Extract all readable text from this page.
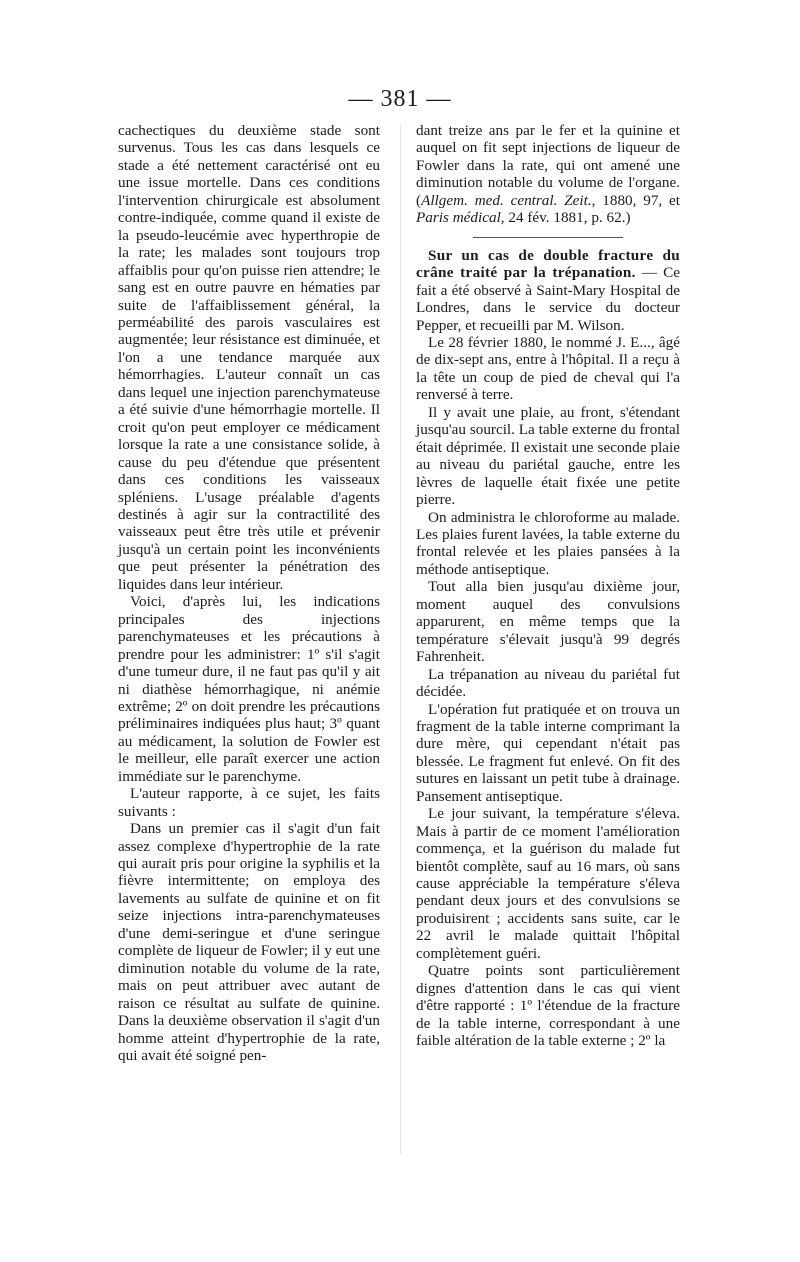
— 381 —

cachectiques du deuxième stade sont survenus. Tous les cas dans lesquels ce stade a été nettement caractérisé ont eu une issue mortelle. Dans ces conditions l'intervention chirurgicale est absolument contre-indiquée, comme quand il existe de la pseudo-leucémie avec hyperthropie de la rate; les malades sont toujours trop affaiblis pour qu'on puisse rien attendre; le sang est en outre pauvre en hématies par suite de l'affaiblissement général, la perméabilité des parois vasculaires est augmentée; leur résistance est diminuée, et l'on a une tendance marquée aux hémorrhagies. L'auteur connaît un cas dans lequel une injection parenchymateuse a été suivie d'une hémorrhagie mortelle. Il croit qu'on peut employer ce médicament lorsque la rate a une consistance solide, à cause du peu d'étendue que présentent dans ces conditions les vaisseaux spléniens. L'usage préalable d'agents destinés à agir sur la contractilité des vaisseaux peut être très utile et prévenir jusqu'à un certain point les inconvénients que peut présenter la pénétration des liquides dans leur intérieur.

Voici, d'après lui, les indications principales des injections parenchymateuses et les précautions à prendre pour les administrer: 1º s'il s'agit d'une tumeur dure, il ne faut pas qu'il y ait ni diathèse hémorrhagique, ni anémie extrême; 2º on doit prendre les précautions préliminaires indiquées plus haut; 3º quant au médicament, la solution de Fowler est le meilleur, elle paraît exercer une action immédiate sur le parenchyme.

L'auteur rapporte, à ce sujet, les faits suivants :

Dans un premier cas il s'agit d'un fait assez complexe d'hypertrophie de la rate qui aurait pris pour origine la syphilis et la fièvre intermittente; on employa des lavements au sulfate de quinine et on fit seize injections intra-parenchymateuses d'une demi-seringue et d'une seringue complète de liqueur de Fowler; il y eut une diminution notable du volume de la rate, mais on peut attribuer avec autant de raison ce résultat au sulfate de quinine. Dans la deuxième observation il s'agit d'un homme atteint d'hypertrophie de la rate, qui avait été soigné pen-

dant treize ans par le fer et la quinine et auquel on fit sept injections de liqueur de Fowler dans la rate, qui ont amené une diminution notable du volume de l'organe. (Allgem. med. central. Zeit., 1880, 97, et Paris médical, 24 fév. 1881, p. 62.)

Sur un cas de double fracture du crâne traité par la trépanation. — Ce fait a été observé à Saint-Mary Hospital de Londres, dans le service du docteur Pepper, et recueilli par M. Wilson.

Le 28 février 1880, le nommé J. E..., âgé de dix-sept ans, entre à l'hôpital. Il a reçu à la tête un coup de pied de cheval qui l'a renversé à terre.

Il y avait une plaie, au front, s'étendant jusqu'au sourcil. La table externe du frontal était déprimée. Il existait une seconde plaie au niveau du pariétal gauche, entre les lèvres de laquelle était fixée une petite pierre.

On administra le chloroforme au malade. Les plaies furent lavées, la table externe du frontal relevée et les plaies pansées à la méthode antiseptique.

Tout alla bien jusqu'au dixième jour, moment auquel des convulsions apparurent, en même temps que la température s'élevait jusqu'à 99 degrés Fahrenheit.

La trépanation au niveau du pariétal fut décidée.

L'opération fut pratiquée et on trouva un fragment de la table interne comprimant la dure mère, qui cependant n'était pas blessée. Le fragment fut enlevé. On fit des sutures en laissant un petit tube à drainage. Pansement antiseptique.

Le jour suivant, la température s'éleva. Mais à partir de ce moment l'amélioration commença, et la guérison du malade fut bientôt complète, sauf au 16 mars, où sans cause appréciable la température s'éleva pendant deux jours et des convulsions se produisirent ; accidents sans suite, car le 22 avril le malade quittait l'hôpital complètement guéri.

Quatre points sont particulièrement dignes d'attention dans le cas qui vient d'être rapporté : 1º l'étendue de la fracture de la table interne, correspondant à une faible altération de la table externe ; 2º la
